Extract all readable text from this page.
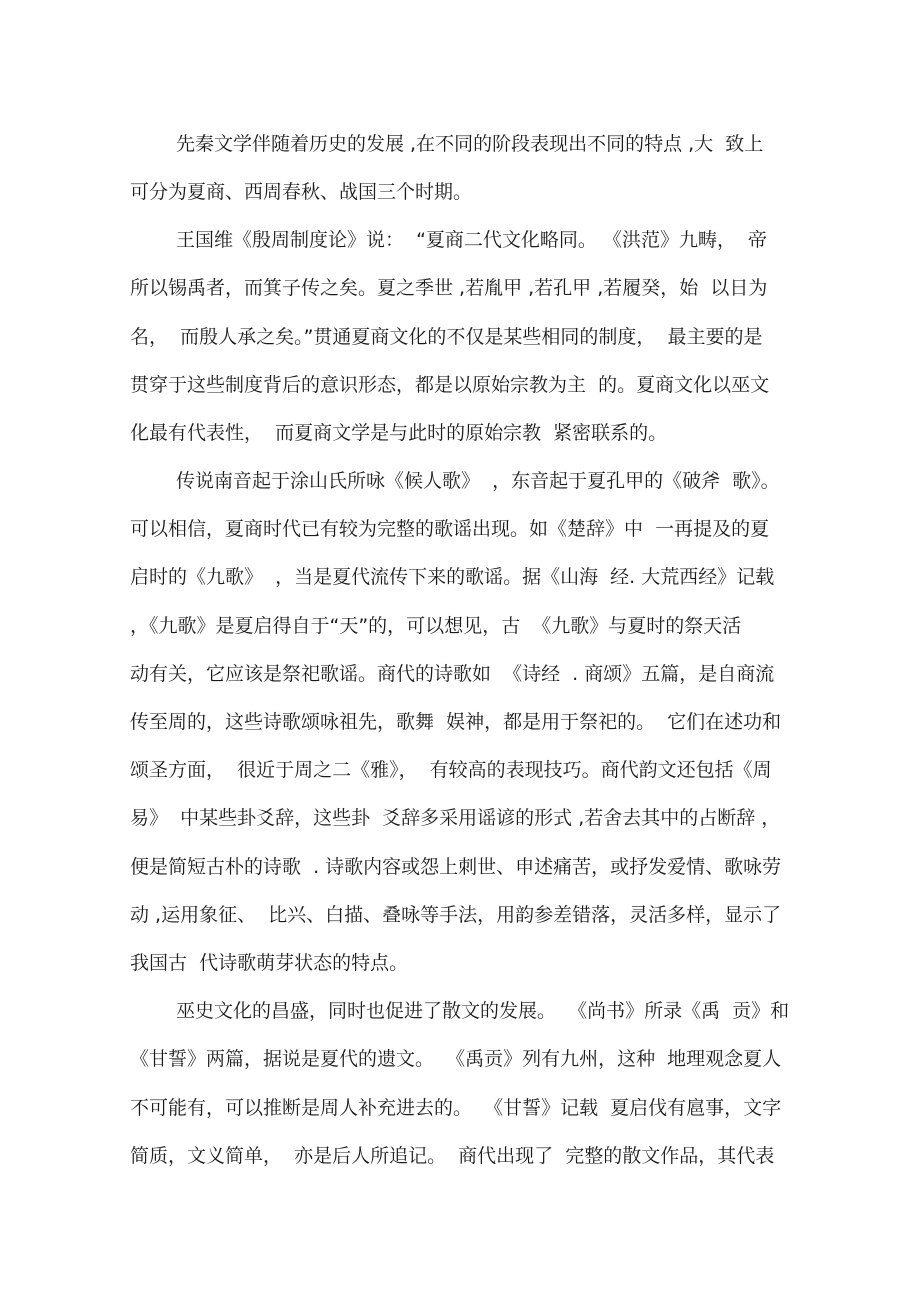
先秦文学伴随着历史的发展 ,在不同的阶段表现出不同的特点 ,大  致上

可分为夏商、西周春秋、战国三个时期。

王国维《殷周制度论》说：  “夏商二代文化略同。 《洪范》九畴，  帝

所以锡禹者，而箕子传之矣。夏之季世 ,若胤甲 ,若孔甲 ,若履癸，始  以日为

名，  而殷人承之矣。”贯通夏商文化的不仅是某些相同的制度，  最主要的是

贯穿于这些制度背后的意识形态，都是以原始宗教为主  的。夏商文化以巫文

化最有代表性，  而夏商文学是与此时的原始宗教  紧密联系的。

传说南音起于涂山氏所咏《候人歌》  ，东音起于夏孔甲的《破斧  歌》。

可以相信，夏商时代已有较为完整的歌谣出现。如《楚辞》中  一再提及的夏

启时的《九歌》  ，当是夏代流传下来的歌谣。据《山海  经. 大荒西经》记载

，《九歌》是夏启得自于“天”的，可以想见，古  《九歌》与夏时的祭天活

动有关，它应该是祭祀歌谣。商代的诗歌如  《诗经  . 商颂》五篇，是自商流

传至周的，这些诗歌颂咏祖先，歌舞  娱神，都是用于祭祀的。  它们在述功和

颂圣方面，  很近于周之二《雅》，  有较高的表现技巧。商代韵文还包括《周

易》  中某些卦爻辞，这些卦  爻辞多采用谣谚的形式 ,若舍去其中的占断辞 ，

便是简短古朴的诗歌  . 诗歌内容或怨上刺世、申述痛苦，或抒发爱情、歌咏劳

动 ,运用象征、  比兴、白描、叠咏等手法，用韵参差错落，灵活多样，显示了

我国古  代诗歌萌芽状态的特点。

巫史文化的昌盛，同时也促进了散文的发展。  《尚书》所录《禹  贡》和

《甘誓》两篇，据说是夏代的遗文。  《禹贡》列有九州，这种  地理观念夏人

不可能有，可以推断是周人补充进去的。  《甘誓》记载  夏启伐有扈事，文字

简质，文义简单，  亦是后人所追记。  商代出现了  完整的散文作品，其代表
